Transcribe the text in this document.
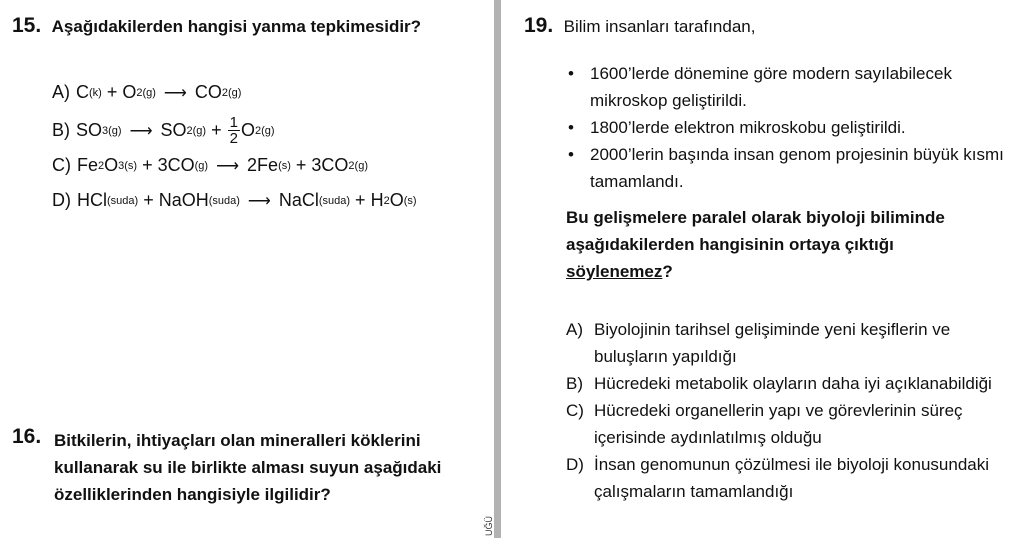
15. Aşağıdakilerden hangisi yanma tepkimesidir?
A) C (k) + O 2(g) ⟶ CO 2(g)
B) SO 3(g) ⟶ SO $2(g) + \frac{1}{2}$ O 2(g)
C) Fe 2 O 3(s) + 3CO (g) ⟶ 2Fe (s) + 3CO 2(g)
D) HCl (suda) + NaOH (suda) ⟶ NaCl (suda) + H 2 O (s)
16. Bitkilerin, ihtiyaçları olan mineralleri köklerini kullanarak su ile birlikte alması suyun aşağıdaki özelliklerinden hangisiyle ilgilidir?
UĞÜ
19. Bilim insanları tarafından,
• 1600’lerde dönemine göre modern sayılabilecek mikroskop geliştirildi.
• 1800’lerde elektron mikroskobu geliştirildi.
• 2000’lerin başında insan genom projesinin büyük kısmı tamamlandı.
Bu gelişmelere paralel olarak biyoloji biliminde aşağıdakilerden hangisinin ortaya çıktığı söylenemez?
A) Biyolojinin tarihsel gelişiminde yeni keşiflerin ve buluşların yapıldığı
B) Hücredeki metabolik olayların daha iyi açıklanabildiği
C) Hücredeki organellerin yapı ve görevlerinin süreç içerisinde aydınlatılmış olduğu
D) İnsan genomunun çözülmesi ile biyoloji konusundaki çalışmaların tamamlandığı
